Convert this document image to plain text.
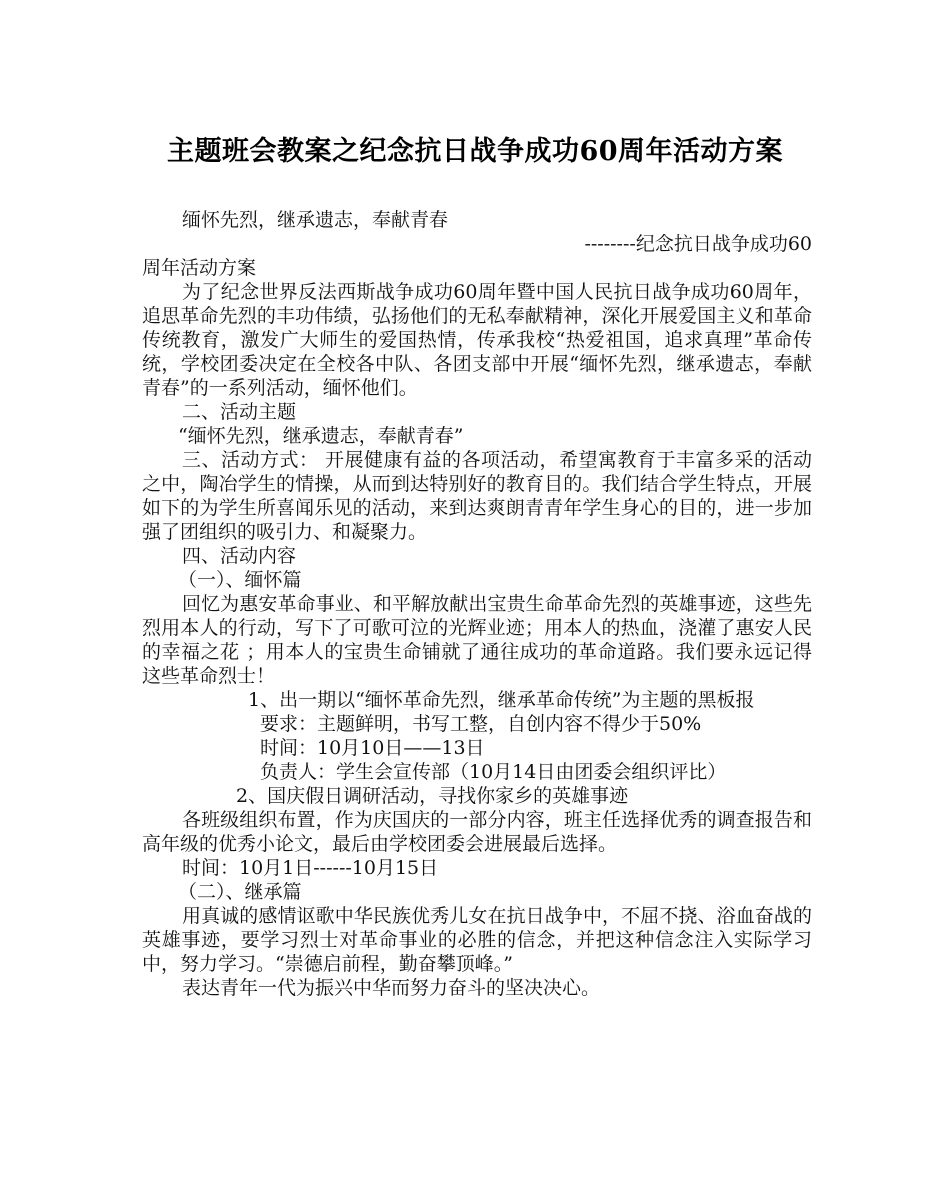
主题班会教案之纪念抗日战争成功60周年活动方案

缅怀先烈，继承遗志，奉献青春

--------纪念抗日战争成功60

周年活动方案

为了纪念世界反法西斯战争成功60周年暨中国人民抗日战争成功60周年，追思革命先烈的丰功伟绩，弘扬他们的无私奉献精神，深化开展爱国主义和革命传统教育，激发广大师生的爱国热情，传承我校“热爱祖国，追求真理”革命传统，学校团委决定在全校各中队、各团支部中开展“缅怀先烈，继承遗志，奉献青春”的一系列活动，缅怀他们。

二、活动主题

“缅怀先烈，继承遗志，奉献青春”

三、活动方式： 开展健康有益的各项活动，希望寓教育于丰富多采的活动之中，陶冶学生的情操，从而到达特别好的教育目的。我们结合学生特点，开展如下的为学生所喜闻乐见的活动，来到达爽朗青青年学生身心的目的，进一步加强了团组织的吸引力、和凝聚力。

四、活动内容

（一）、缅怀篇

回忆为惠安革命事业、和平解放献出宝贵生命革命先烈的英雄事迹，这些先烈用本人的行动，写下了可歌可泣的光辉业迹；用本人的热血，浇灌了惠安人民的幸福之花 ；用本人的宝贵生命铺就了通往成功的革命道路。我们要永远记得这些革命烈士！

1、出一期以“缅怀革命先烈，继承革命传统”为主题的黑板报

要求：主题鲜明，书写工整，自创内容不得少于50%

时间：10月10日——13日

负责人：学生会宣传部（10月14日由团委会组织评比）

2、国庆假日调研活动，寻找你家乡的英雄事迹

各班级组织布置，作为庆国庆的一部分内容，班主任选择优秀的调查报告和高年级的优秀小论文，最后由学校团委会进展最后选择。

时间：10月1日------10月15日

（二）、继承篇

用真诚的感情讴歌中华民族优秀儿女在抗日战争中，不屈不挠、浴血奋战的英雄事迹，要学习烈士对革命事业的必胜的信念，并把这种信念注入实际学习中，努力学习。“崇德启前程，勤奋攀顶峰。”

表达青年一代为振兴中华而努力奋斗的坚决决心。
